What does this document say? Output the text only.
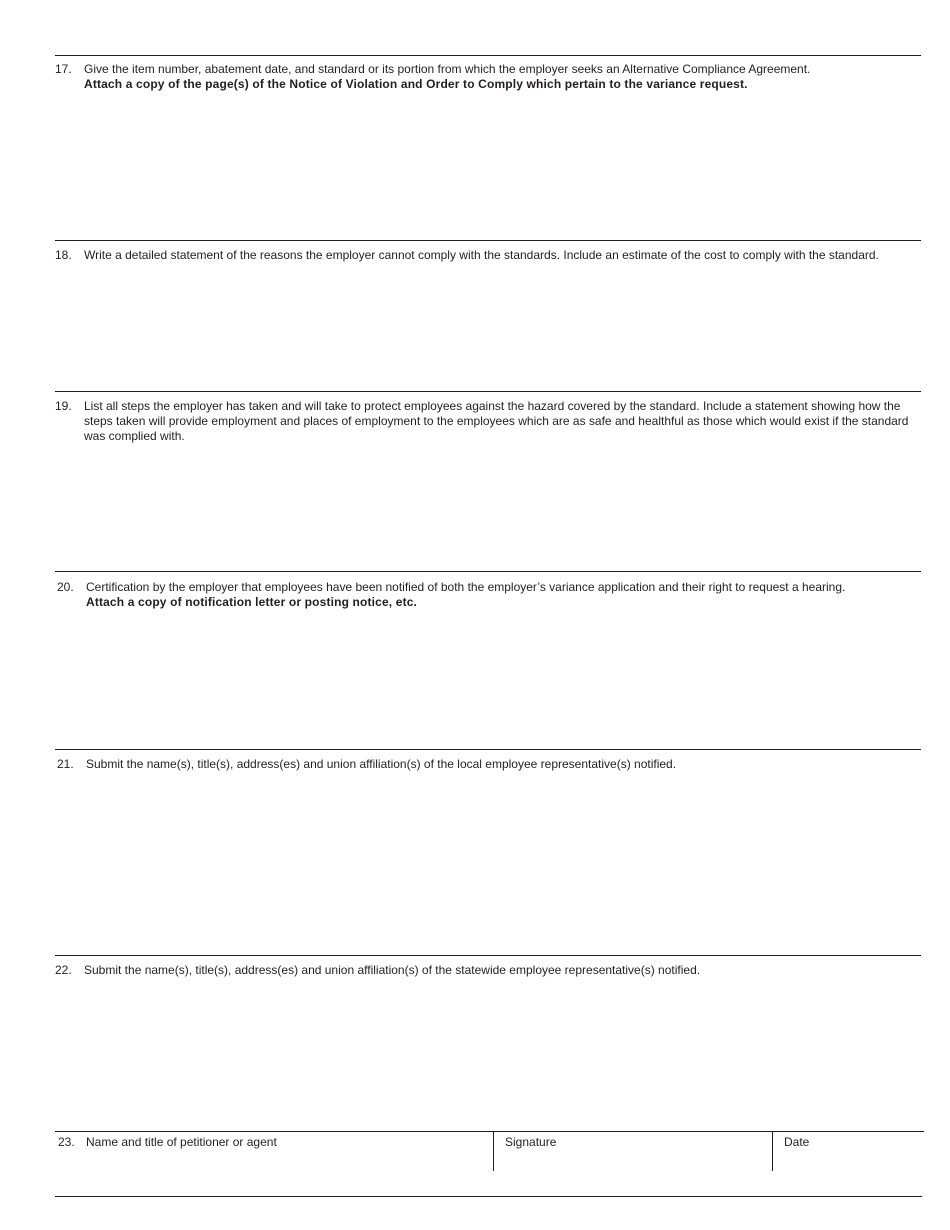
17. Give the item number, abatement date, and standard or its portion from which the employer seeks an Alternative Compliance Agreement.
Attach a copy of the page(s) of the Notice of Violation and Order to Comply which pertain to the variance request.
18. Write a detailed statement of the reasons the employer cannot comply with the standards. Include an estimate of the cost to comply with the standard.
19. List all steps the employer has taken and will take to protect employees against the hazard covered by the standard. Include a statement showing how the steps taken will provide employment and places of employment to the employees which are as safe and healthful as those which would exist if the standard was complied with.
20. Certification by the employer that employees have been notified of both the employer’s variance application and their right to request a hearing.
Attach a copy of notification letter or posting notice, etc.
21. Submit the name(s), title(s), address(es) and union affiliation(s) of the local employee representative(s) notified.
22. Submit the name(s), title(s), address(es) and union affiliation(s) of the statewide employee representative(s) notified.
23. Name and title of petitioner or agent	Signature	Date
